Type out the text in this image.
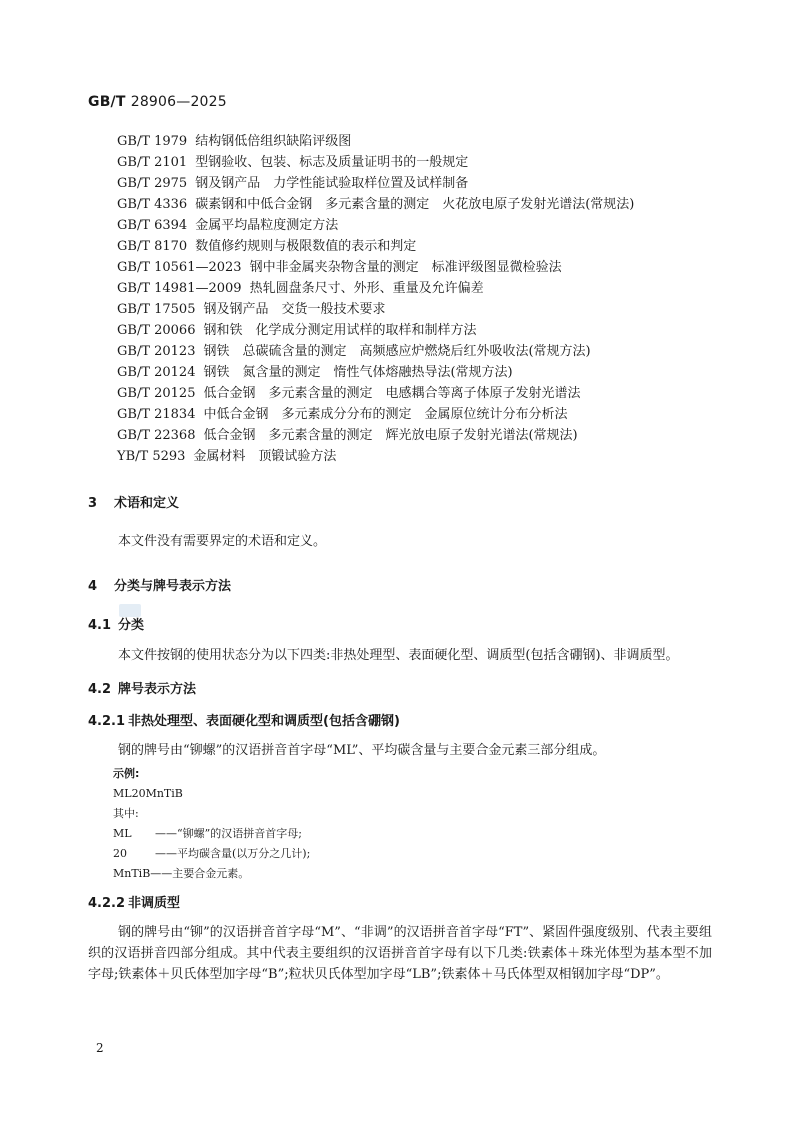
GB/T 28906—2025
GB/T 1979 结构钢低倍组织缺陷评级图
GB/T 2101 型钢验收、包装、标志及质量证明书的一般规定
GB/T 2975 钢及钢产品　力学性能试验取样位置及试样制备
GB/T 4336 碳素钢和中低合金钢　多元素含量的测定　火花放电原子发射光谱法(常规法)
GB/T 6394 金属平均晶粒度测定方法
GB/T 8170 数值修约规则与极限数值的表示和判定
GB/T 10561—2023 钢中非金属夹杂物含量的测定　标准评级图显微检验法
GB/T 14981—2009 热轧圆盘条尺寸、外形、重量及允许偏差
GB/T 17505 钢及钢产品　交货一般技术要求
GB/T 20066 钢和铁　化学成分测定用试样的取样和制样方法
GB/T 20123 钢铁　总碳硫含量的测定　高频感应炉燃烧后红外吸收法(常规方法)
GB/T 20124 钢铁　氮含量的测定　惰性气体熔融热导法(常规方法)
GB/T 20125 低合金钢　多元素含量的测定　电感耦合等离子体原子发射光谱法
GB/T 21834 中低合金钢　多元素成分分布的测定　金属原位统计分布分析法
GB/T 22368 低合金钢　多元素含量的测定　辉光放电原子发射光谱法(常规法)
YB/T 5293 金属材料　顶锻试验方法
3 术语和定义
本文件没有需要界定的术语和定义。
4 分类与牌号表示方法
4.1 分类
本文件按钢的使用状态分为以下四类:非热处理型、表面硬化型、调质型(包括含硼钢)、非调质型。
4.2 牌号表示方法
4.2.1 非热处理型、表面硬化型和调质型(包括含硼钢)
钢的牌号由“铆螺”的汉语拼音首字母“ML”、平均碳含量与主要合金元素三部分组成。
示例:
ML20MnTiB
其中:
ML ——“铆螺”的汉语拼音首字母;
20	——平均碳含量(以万分之几计);
MnTiB——主要合金元素。
4.2.2 非调质型
钢的牌号由“铆”的汉语拼音首字母“M”、“非调”的汉语拼音首字母“FT”、紧固件强度级别、代表主要组织的汉语拼音四部分组成。其中代表主要组织的汉语拼音首字母有以下几类:铁素体＋珠光体型为基本型不加字母;铁素体＋贝氏体型加字母“B”;粒状贝氏体型加字母“LB”;铁素体＋马氏体型双相钢加字母“DP”。
2
